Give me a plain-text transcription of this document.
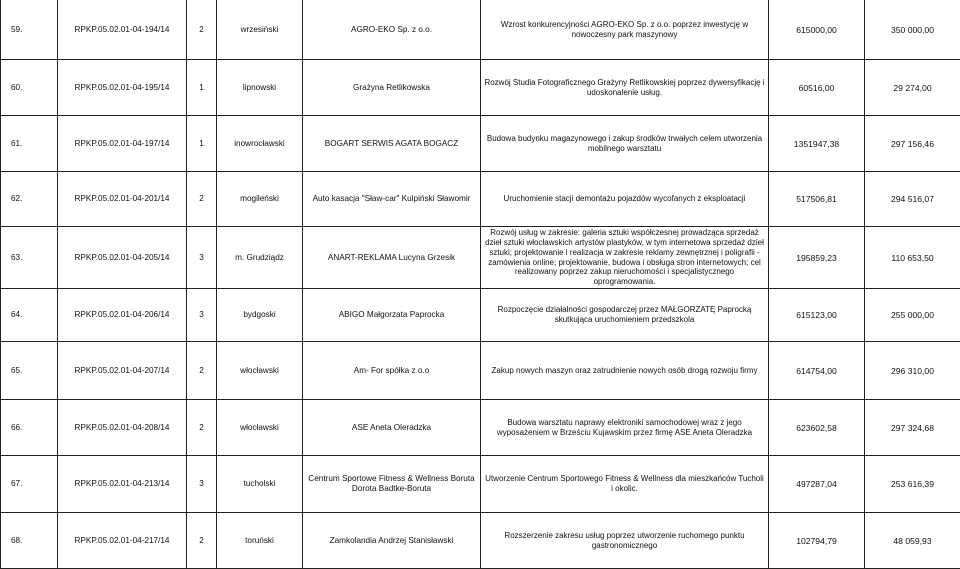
59.	RPKP.05.02.01-04-194/14	2	wrzesiński	AGRO-EKO Sp. z o.o.	Wzrost konkurencyjności AGRO-EKO Sp. z o.o. poprzez inwestycję w nowoczesny park maszynowy	615000,00	350 000,00
60.	RPKP.05.02.01-04-195/14	1	lipnowski	Grażyna Retlikowska	Rozwój Studia Fotograficznego Grażyny Retlikowskiej poprzez dywersyfikację i udoskonalenie usług.	60516,00	29 274,00
61.	RPKP.05.02.01-04-197/14	1	inowrocławski	BOGART SERWIS AGATA BOGACZ	Budowa budynku magazynowego i zakup środków trwałych celem utworzenia mobilnego warsztatu	1351947,38	297 156,46
62.	RPKP.05.02.01-04-201/14	2	mogileński	Auto kasacja "Sław-car" Kulpiński Sławomir	Uruchomienie stacji demontażu pojazdów wycofanych z eksploatacji	517506,81	294 516,07
63.	RPKP.05.02.01-04-205/14	3	m. Grudziądz	ANART-REKLAMA Lucyna Grzesik	Rozwój usług w zakresie: galeria sztuki współczesnej prowadząca sprzedaż dzieł sztuki włocławskich artystów plastyków, w tym internetowa sprzedaż dzieł sztuki; projektowanie i realizacja w zakresie reklamy zewnętrznej i poligrafii - zamówienia online; projektowanie, budowa i obsługa stron internetowych; cel realizowany poprzez zakup nieruchomości i specjalistycznego oprogramowania.	195859,23	110 653,50
64.	RPKP.05.02.01-04-206/14	3	bydgoski	ABIGO Małgorzata Paprocka	Rozpoczęcie działalności gospodarczej przez MAŁGORZATĘ Paprocką skutkująca uruchomieniem przedszkola	615123,00	255 000,00
65.	RPKP.05.02.01-04-207/14	2	włocławski	Am- For spółka z o.o	Zakup nowych maszyn oraz zatrudnienie nowych osób drogą rozwoju firmy	614754,00	296 310,00
66.	RPKP.05.02.01-04-208/14	2	włocławski	ASE Aneta Oleradzka	Budowa warsztatu naprawy elektroniki samochodowej wraz z jego wyposażeniem w Brześciu Kujawskim przez firmę ASE Aneta Oleradzka	623602,58	297 324,68
67.	RPKP.05.02.01-04-213/14	3	tucholski	Centrum Sportowe Fitness & Wellness Boruta Dorota Badtke-Boruta	Utworzenie Centrum Sportowego Fitness & Wellness dla mieszkańców Tucholi i okolic.	497287,04	253 616,39
68.	RPKP.05.02.01-04-217/14	2	toruński	Zamkolandia Andrzej Stanisławski	Rozszerzenie zakresu usług poprzez utworzenie ruchomego punktu gastronomicznego	102794,79	48 059,93
